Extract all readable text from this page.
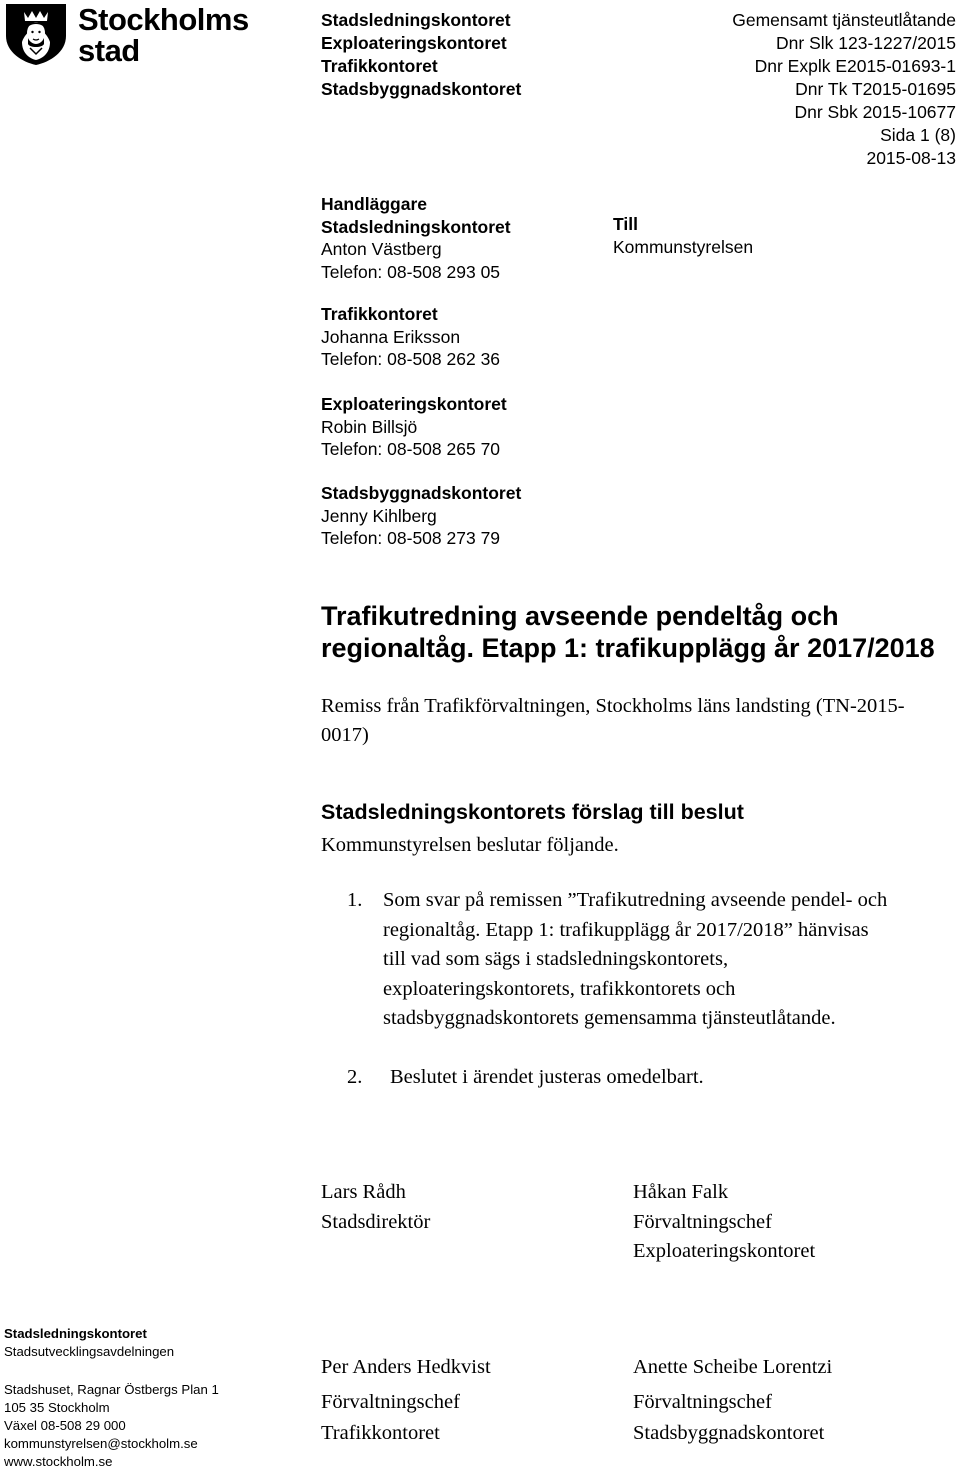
Stockholms
stad
Stadsledningskontoret
Exploateringskontoret
Trafikkontoret
Stadsbyggnadskontoret
Gemensamt tjänsteutlåtande
Dnr Slk 123-1227/2015
Dnr Explk E2015-01693-1
Dnr Tk T2015-01695
Dnr Sbk 2015-10677
Sida 1 (8)
2015-08-13
Handläggare
Stadsledningskontoret
Anton Västberg
Telefon: 08-508 293 05
Trafikkontoret
Johanna Eriksson
Telefon: 08-508 262 36
Exploateringskontoret
Robin Billsjö
Telefon: 08-508 265 70
Stadsbyggnadskontoret
Jenny Kihlberg
Telefon: 08-508 273 79
Till
Kommunstyrelsen
Trafikutredning avseende pendeltåg och regionaltåg. Etapp 1: trafikupplägg år 2017/2018
Remiss från Trafikförvaltningen, Stockholms läns landsting (TN-2015-0017)
Stadsledningskontorets förslag till beslut
Kommunstyrelsen beslutar följande.
1. Som svar på remissen ”Trafikutredning avseende pendel- och
regionaltåg. Etapp 1: trafikupplägg år 2017/2018” hänvisas
till vad som sägs i stadsledningskontorets,
exploateringskontorets, trafikkontorets och
stadsbyggnadskontorets gemensamma tjänsteutlåtande.
2. Beslutet i ärendet justeras omedelbart.
Lars Rådh
Stadsdirektör
Håkan Falk
Förvaltningschef
Exploateringskontoret
Per Anders Hedkvist
Förvaltningschef
Trafikkontoret
Anette Scheibe Lorentzi
Förvaltningschef
Stadsbyggnadskontoret
Stadsledningskontoret
Stadsutvecklingsavdelningen
Stadshuset, Ragnar Östbergs Plan 1
105 35 Stockholm
Växel 08-508 29 000
kommunstyrelsen@stockholm.se
www.stockholm.se
